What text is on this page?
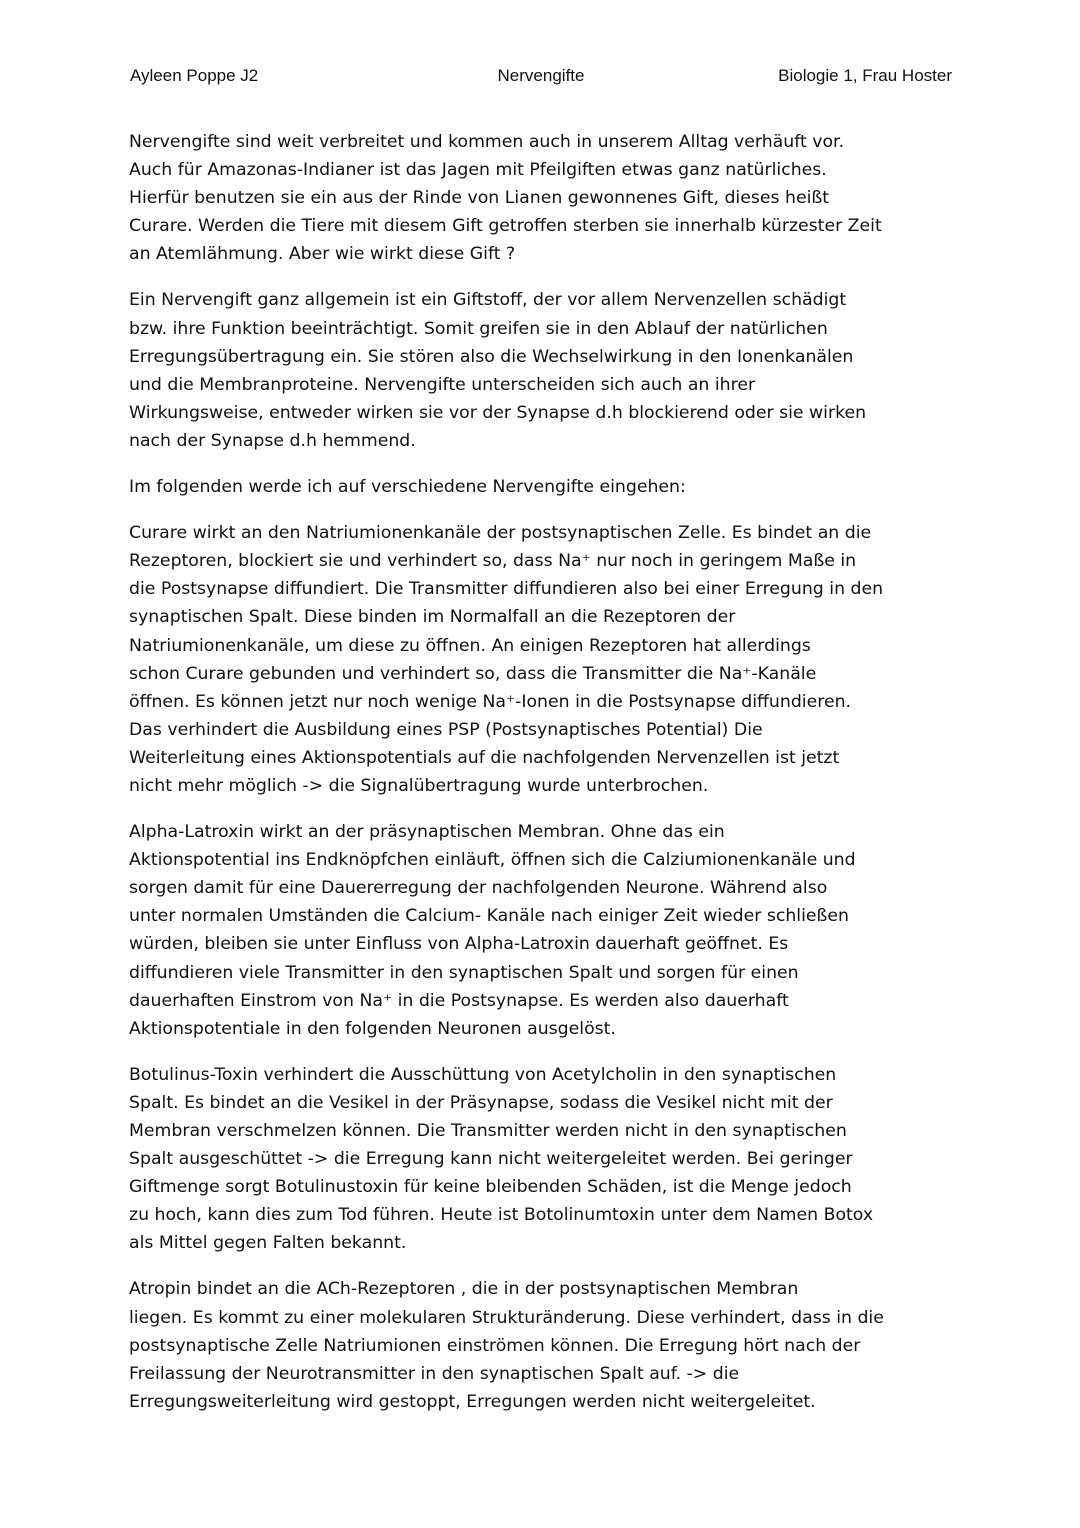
Ayleen Poppe J2	Nervengifte	Biologie 1, Frau Hoster

Nervengifte sind weit verbreitet und kommen auch in unserem Alltag verhäuft vor.
Auch für Amazonas-Indianer ist das Jagen mit Pfeilgiften etwas ganz natürliches.
Hierfür benutzen sie ein aus der Rinde von Lianen gewonnenes Gift, dieses heißt
Curare. Werden die Tiere mit diesem Gift getroffen sterben sie innerhalb kürzester Zeit
an Atemlähmung. Aber wie wirkt diese Gift ?

Ein Nervengift ganz allgemein ist ein Giftstoff, der vor allem Nervenzellen schädigt
bzw. ihre Funktion beeinträchtigt. Somit greifen sie in den Ablauf der natürlichen
Erregungsübertragung ein. Sie stören also die Wechselwirkung in den Ionenkanälen
und die Membranproteine. Nervengifte unterscheiden sich auch an ihrer
Wirkungsweise, entweder wirken sie vor der Synapse d.h blockierend oder sie wirken
nach der Synapse d.h hemmend.

Im folgenden werde ich auf verschiedene Nervengifte eingehen:

Curare wirkt an den Natriumionenkanäle der postsynaptischen Zelle. Es bindet an die
Rezeptoren, blockiert sie und verhindert so, dass Na⁺ nur noch in geringem Maße in
die Postsynapse diffundiert. Die Transmitter diffundieren also bei einer Erregung in den
synaptischen Spalt. Diese binden im Normalfall an die Rezeptoren der
Natriumionenkanäle, um diese zu öffnen. An einigen Rezeptoren hat allerdings
schon Curare gebunden und verhindert so, dass die Transmitter die Na⁺-Kanäle
öffnen. Es können jetzt nur noch wenige Na⁺-Ionen in die Postsynapse diffundieren.
Das verhindert die Ausbildung eines PSP (Postsynaptisches Potential) Die
Weiterleitung eines Aktionspotentials auf die nachfolgenden Nervenzellen ist jetzt
nicht mehr möglich -> die Signalübertragung wurde unterbrochen.

Alpha-Latroxin wirkt an der präsynaptischen Membran. Ohne das ein
Aktionspotential ins Endknöpfchen einläuft, öffnen sich die Calziumionenkanäle und
sorgen damit für eine Dauererregung der nachfolgenden Neurone. Während also
unter normalen Umständen die Calcium- Kanäle nach einiger Zeit wieder schließen
würden, bleiben sie unter Einfluss von Alpha-Latroxin dauerhaft geöffnet. Es
diffundieren viele Transmitter in den synaptischen Spalt und sorgen für einen
dauerhaften Einstrom von Na⁺ in die Postsynapse. Es werden also dauerhaft
Aktionspotentiale in den folgenden Neuronen ausgelöst.

Botulinus-Toxin verhindert die Ausschüttung von Acetylcholin in den synaptischen
Spalt. Es bindet an die Vesikel in der Präsynapse, sodass die Vesikel nicht mit der
Membran verschmelzen können. Die Transmitter werden nicht in den synaptischen
Spalt ausgeschüttet -> die Erregung kann nicht weitergeleitet werden. Bei geringer
Giftmenge sorgt Botulinustoxin für keine bleibenden Schäden, ist die Menge jedoch
zu hoch, kann dies zum Tod führen. Heute ist Botolinumtoxin unter dem Namen Botox
als Mittel gegen Falten bekannt.

Atropin bindet an die ACh-Rezeptoren , die in der postsynaptischen Membran
liegen. Es kommt zu einer molekularen Strukturänderung. Diese verhindert, dass in die
postsynaptische Zelle Natriumionen einströmen können. Die Erregung hört nach der
Freilassung der Neurotransmitter in den synaptischen Spalt auf. -> die
Erregungsweiterleitung wird gestoppt, Erregungen werden nicht weitergeleitet.
